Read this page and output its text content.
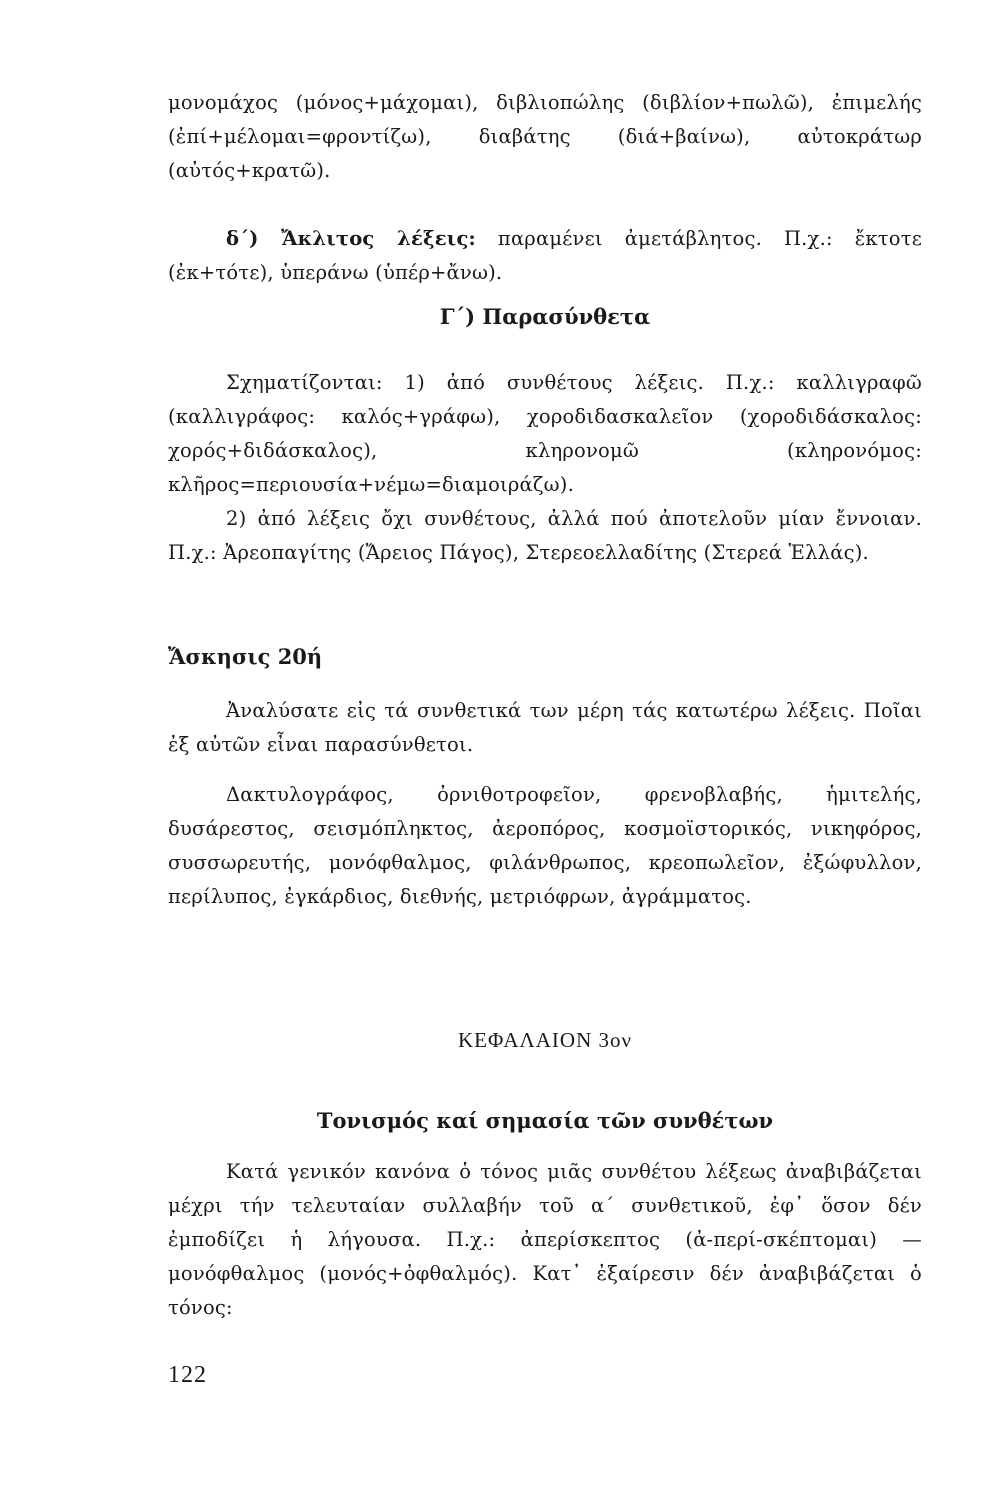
μονομάχος (μόνος+μάχομαι), διβλιοπώλης (διβλίον+πωλῶ), ἐπιμελής (ἐπί+μέλομαι=φροντίζω), διαβάτης (διά+βαίνω), αὐτοκράτωρ (αὐτός+κρατῶ).
δ΄) Ἄκλιτος λέξεις: παραμένει ἀμετάβλητος. Π.χ.: ἔκτοτε (ἐκ+τότε), ὑπεράνω (ὑπέρ+ἄνω).
Γ΄) Παρασύνθετα
Σχηματίζονται: 1) ἀπό συνθέτους λέξεις. Π.χ.: καλλιγραφῶ (καλλιγράφος: καλός+γράφω), χοροδιδασκαλεῖον (χοροδιδάσκαλος: χορός+διδάσκαλος), κληρονομῶ (κληρονόμος: κλῆρος=περιουσία+νέμω=διαμοιράζω).
2) ἀπό λέξεις ὄχι συνθέτους, ἀλλά πού ἀποτελοῦν μίαν ἔννοιαν. Π.χ.: Ἀρεοπαγίτης (Ἄρειος Πάγος), Στερεοελλαδίτης (Στερεά Ἑλλάς).
Ἄσκησις 20ή
Ἀναλύσατε εἰς τά συνθετικά των μέρη τάς κατωτέρω λέξεις. Ποῖαι ἐξ αὐτῶν εἶναι παρασύνθετοι.
Δακτυλογράφος, ὀρνιθοτροφεῖον, φρενοβλαβής, ἡμιτελής, δυσάρεστος, σεισμόπληκτος, ἀεροπόρος, κοσμοϊστορικός, νικηφόρος, συσσωρευτής, μονόφθαλμος, φιλάνθρωπος, κρεοπωλεῖον, ἐξώφυλλον, περίλυπος, ἐγκάρδιος, διεθνής, μετριόφρων, ἀγράμματος.
ΚΕΦΑΛΑΙΟΝ 3ον
Τονισμός καί σημασία τῶν συνθέτων
Κατά γενικόν κανόνα ὁ τόνος μιᾶς συνθέτου λέξεως ἀναβιβάζεται μέχρι τήν τελευταίαν συλλαβήν τοῦ α΄ συνθετικοῦ, ἐφ᾽ ὅσον δέν ἐμποδίζει ἡ λήγουσα. Π.χ.: ἀπερίσκεπτος (ἀ-περί-σκέπτομαι) — μονόφθαλμος (μονός+ὀφθαλμός). Κατ᾽ ἐξαίρεσιν δέν ἀναβιβάζεται ὁ τόνος:
122
